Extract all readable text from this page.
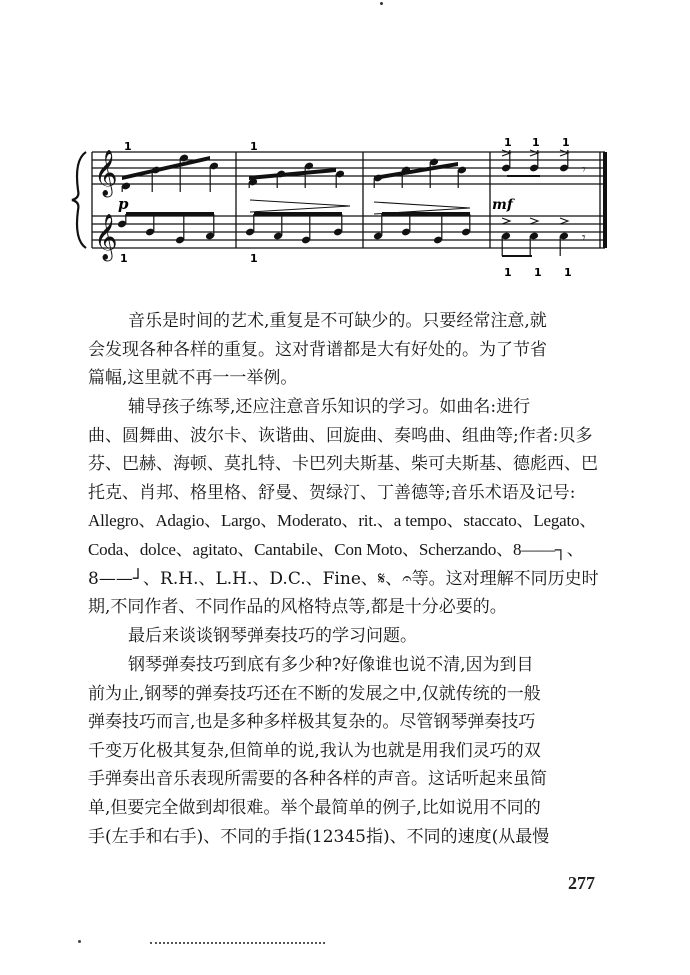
𝄞
𝄞
𝄾
𝄾
p	mf
1	1	1 1 1
1	1
1 1 1
音乐是时间的艺术,重复是不可缺少的。只要经常注意,就
会发现各种各样的重复。这对背谱都是大有好处的。为了节省
篇幅,这里就不再一一举例。
辅导孩子练琴,还应注意音乐知识的学习。如曲名:进行
曲、圆舞曲、波尔卡、诙谐曲、回旋曲、奏鸣曲、组曲等;作者:贝多
芬、巴赫、海顿、莫扎特、卡巴列夫斯基、柴可夫斯基、德彪西、巴
托克、肖邦、格里格、舒曼、贺绿汀、丁善德等;音乐术语及记号:
Allegro、Adagio、Largo、Moderato、rit.、a tempo、staccato、Legato、
Coda、dolce、agitato、Cantabile、Con Moto、Scherzando、8——┐、
8——┘、R.H.、L.H.、D.C.、Fine、𝄋、𝄐等。这对理解不同历史时
期,不同作者、不同作品的风格特点等,都是十分必要的。
最后来谈谈钢琴弹奏技巧的学习问题。
钢琴弹奏技巧到底有多少种?好像谁也说不清,因为到目
前为止,钢琴的弹奏技巧还在不断的发展之中,仅就传统的一般
弹奏技巧而言,也是多种多样极其复杂的。尽管钢琴弹奏技巧
千变万化极其复杂,但简单的说,我认为也就是用我们灵巧的双
手弹奏出音乐表现所需要的各种各样的声音。这话听起来虽简
单,但要完全做到却很难。举个最简单的例子,比如说用不同的
手(左手和右手)、不同的手指(12345指)、不同的速度(从最慢
277
